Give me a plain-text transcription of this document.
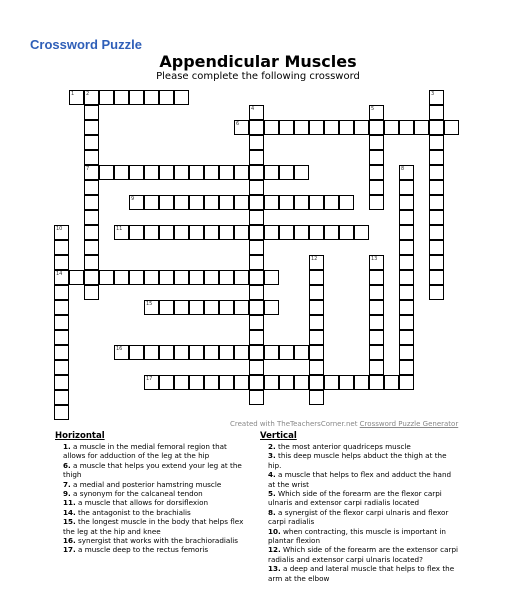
Crossword Puzzle
Appendicular Muscles
Please complete the following crossword
1 2
7
3
4	5
6
8
9
10
14
11
12	13
15
16
17
Created with TheTeachersCorner.net Crossword Puzzle Generator
Horizontal
1. a muscle in the medial femoral region that allows for adduction of the leg at the hip
6. a muscle that helps you extend your leg at the thigh
7. a medial and posterior hamstring muscle
9. a synonym for the calcaneal tendon
11. a muscle that allows for dorsiflexion
14. the antagonist to the brachialis
15. the longest muscle in the body that helps flex the leg at the hip and knee
16. synergist that works with the brachioradialis
17. a muscle deep to the rectus femoris
Vertical
2. the most anterior quadriceps muscle
3. this deep muscle helps abduct the thigh at the hip.
4. a muscle that helps to flex and adduct the hand at the wrist
5. Which side of the forearm are the flexor carpi ulnaris and extensor carpi radialis located
8. a synergist of the flexor carpi ulnaris and flexor carpi radialis
10. when contracting, this muscle is important in plantar flexion
12. Which side of the forearm are the extensor carpi radialis and extensor carpi ulnaris located?
13. a deep and lateral muscle that helps to flex the arm at the elbow
